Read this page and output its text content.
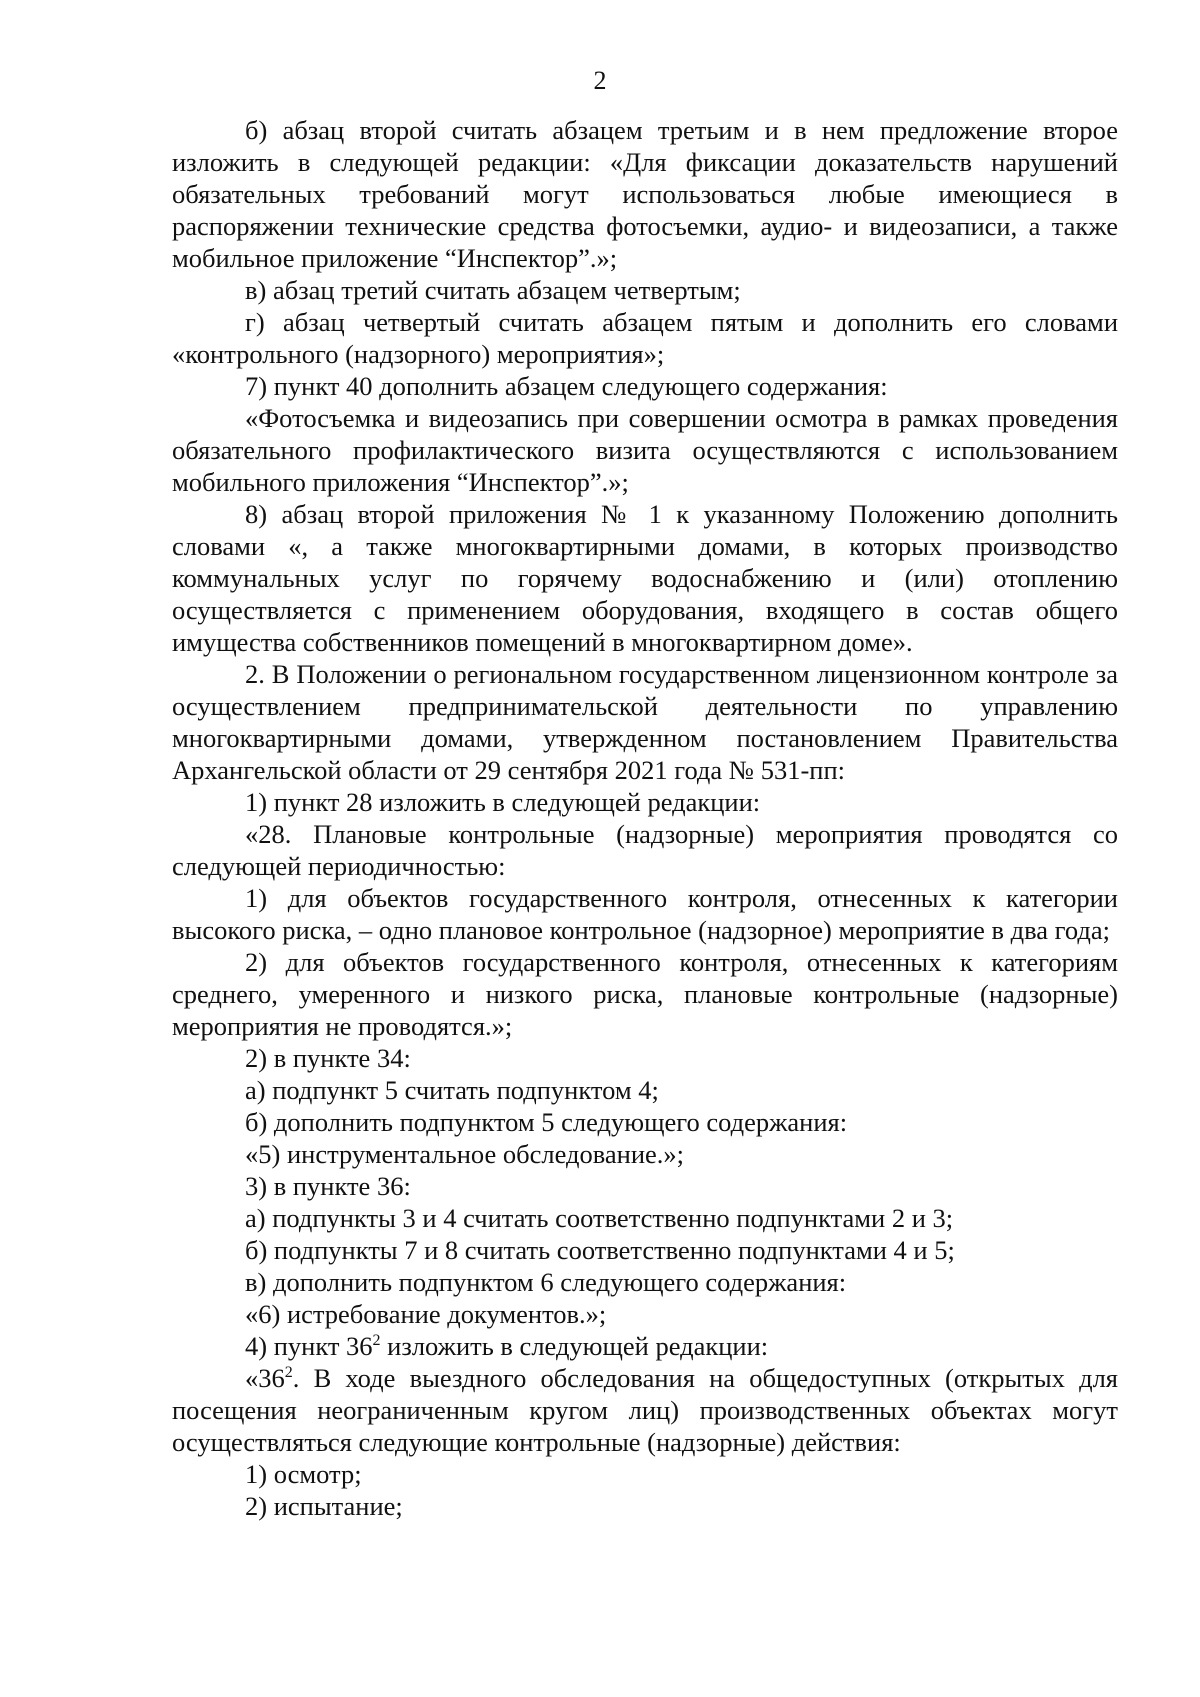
2

б) абзац второй считать абзацем третьим и в нем предложение второе изложить в следующей редакции: «Для фиксации доказательств нарушений обязательных требований могут использоваться любые имеющиеся в распоряжении технические средства фотосъемки, аудио- и видеозаписи, а также мобильное приложение “Инспектор”.»;

в) абзац третий считать абзацем четвертым;

г) абзац четвертый считать абзацем пятым и дополнить его словами «контрольного (надзорного) мероприятия»;

7) пункт 40 дополнить абзацем следующего содержания:

«Фотосъемка и видеозапись при совершении осмотра в рамках проведения обязательного профилактического визита осуществляются с использованием мобильного приложения “Инспектор”.»;

8) абзац второй приложения № 1 к указанному Положению дополнить словами «, а также многоквартирными домами, в которых производство коммунальных услуг по горячему водоснабжению и (или) отоплению осуществляется с применением оборудования, входящего в состав общего имущества собственников помещений в многоквартирном доме».

2. В Положении о региональном государственном лицензионном контроле за осуществлением предпринимательской деятельности по управлению многоквартирными домами, утвержденном постановлением Правительства Архангельской области от 29 сентября 2021 года № 531-пп:

1) пункт 28 изложить в следующей редакции:

«28. Плановые контрольные (надзорные) мероприятия проводятся со следующей периодичностью:

1) для объектов государственного контроля, отнесенных к категории высокого риска, – одно плановое контрольное (надзорное) мероприятие в два года;

2) для объектов государственного контроля, отнесенных к категориям среднего, умеренного и низкого риска, плановые контрольные (надзорные) мероприятия не проводятся.»;

2) в пункте 34:

а) подпункт 5 считать подпунктом 4;

б) дополнить подпунктом 5 следующего содержания:

«5) инструментальное обследование.»;

3) в пункте 36:

а) подпункты 3 и 4 считать соответственно подпунктами 2 и 3;

б) подпункты 7 и 8 считать соответственно подпунктами 4 и 5;

в) дополнить подпунктом 6 следующего содержания:

«6) истребование документов.»;

4) пункт $36^2$ изложить в следующей редакции:

«$36^2$. В ходе выездного обследования на общедоступных (открытых для посещения неограниченным кругом лиц) производственных объектах могут осуществляться следующие контрольные (надзорные) действия:

1) осмотр;

2) испытание;
